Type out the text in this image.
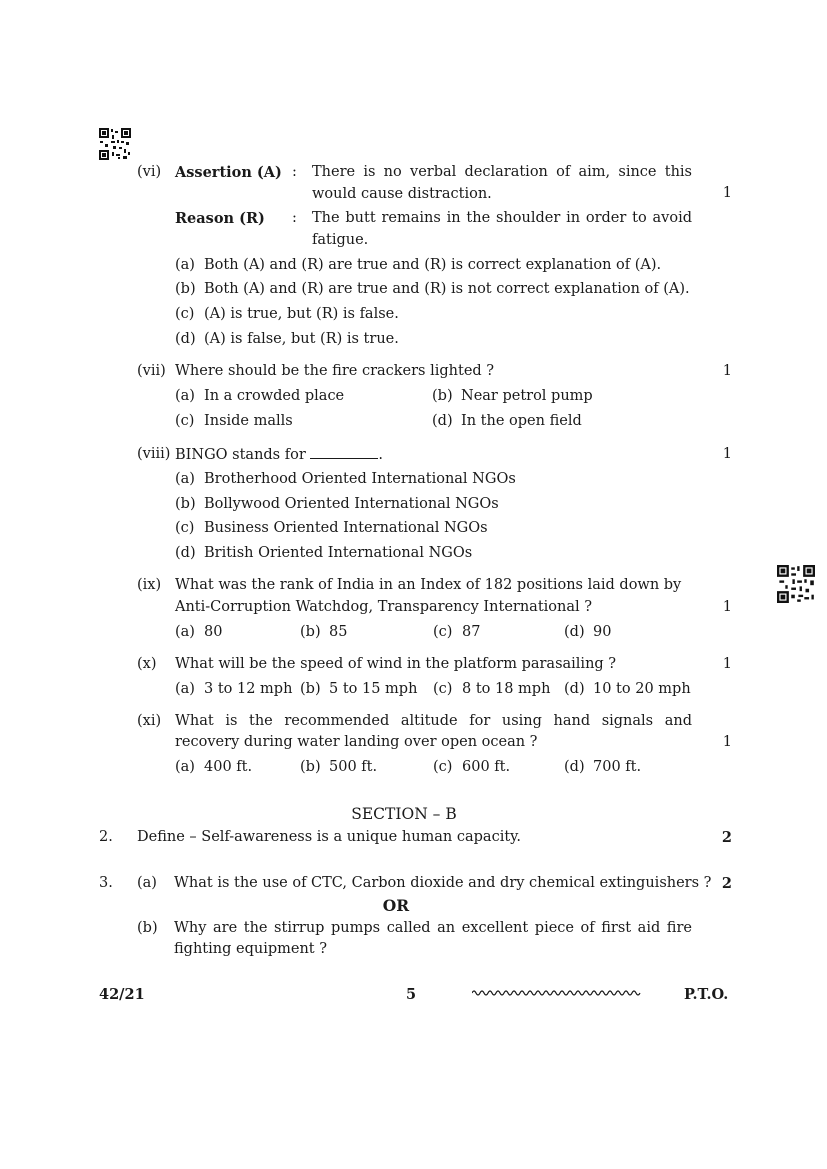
(vi) Assertion (A) : There is no verbal declaration of aim, since this would cause distraction.	1
Reason (R) : The butt remains in the shoulder in order to avoid fatigue.
(a) Both (A) and (R) are true and (R) is correct explanation of (A).
(b) Both (A) and (R) are true and (R) is not correct explanation of (A).
(c) (A) is true, but (R) is false.
(d) (A) is false, but (R) is true.
(vii) Where should be the fire crackers lighted ?	1
(a) In a crowded place	(b) Near petrol pump
(c) Inside malls	(d) In the open field
(viii) BINGO stands for	.	1
(a) Brotherhood Oriented International NGOs
(b) Bollywood Oriented International NGOs
(c) Business Oriented International NGOs
(d) British Oriented International NGOs
(ix) What was the rank of India in an Index of 182 positions laid down by
Anti-Corruption Watchdog, Transparency International ?	1
(a) 80	(b) 85	(c) 87	(d) 90
(x) What will be the speed of wind in the platform parasailing ?	1
(a) 3 to 12 mph (b) 5 to 15 mph (c) 8 to 18 mph (d) 10 to 20 mph
(xi) What is the recommended altitude for using hand signals and
recovery during water landing over open ocean ?	1
(a) 400 ft.	(b) 500 ft.	(c) 600 ft.	(d) 700 ft.
SECTION – B
2. Define – Self-awareness is a unique human capacity.	2
3. (a) What is the use of CTC, Carbon dioxide and dry chemical extinguishers ? 2
OR
(b) Why are the stirrup pumps called an excellent piece of first aid fire
fighting equipment ?
42/21	5	P.T.O.
